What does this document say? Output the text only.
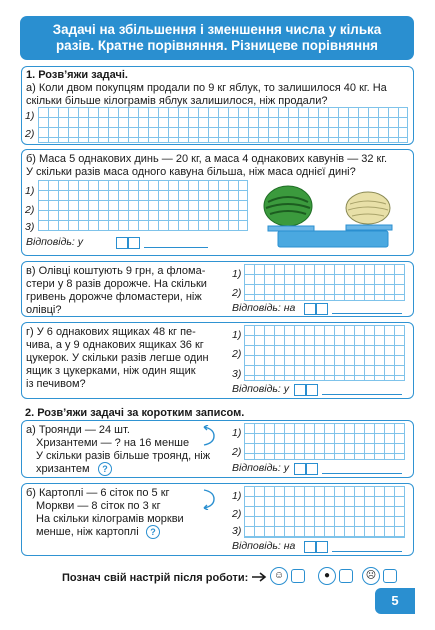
Задачі на збільшення і зменшення числа у кілька
разів. Кратне порівняння. Різницеве порівняння
1. Розв’яжи задачі.
а) Коли двом покупцям продали по 9 кг яблук, то залишилося 40 кг. На
скільки більше кілограмів яблук залишилося, ніж продали?
1)
2)
б) Маса 5 однакових динь — 20 кг, а маса 4 однакових кавунів — 32 кг.
У скільки разів маса одного кавуна більша, ніж маса однієї дині?
1)
2)
3)
Відповідь: у
в) Олівці коштують 9 грн, а флома-
стери у 8 разів дорожче. На скільки
гривень дорожче фломастери, ніж
олівці?
1)
2)
Відповідь: на
г) У 6 однакових ящиках 48 кг пе-
чива, а у 9 однакових ящиках 36 кг
цукерок. У скільки разів легше один
ящик з цукерками, ніж один ящик
із печивом?
1)
2)
3)
Відповідь: у
2. Розв’яжи задачі за коротким записом.
а) Троянди — 24 шт.
Хризантеми — ? на 16 менше
У скільки разів більше троянд, ніж
хризантем	?
1)
2)
Відповідь: у
б) Картоплі — 6 сіток по 5 кг
Моркви — 8 сіток по 3 кг
На скільки кілограмів моркви
менше, ніж картоплі	?
1)
2)
3)
Відповідь: на
Познач свій настрій після роботи:	☺	●	☹
5
